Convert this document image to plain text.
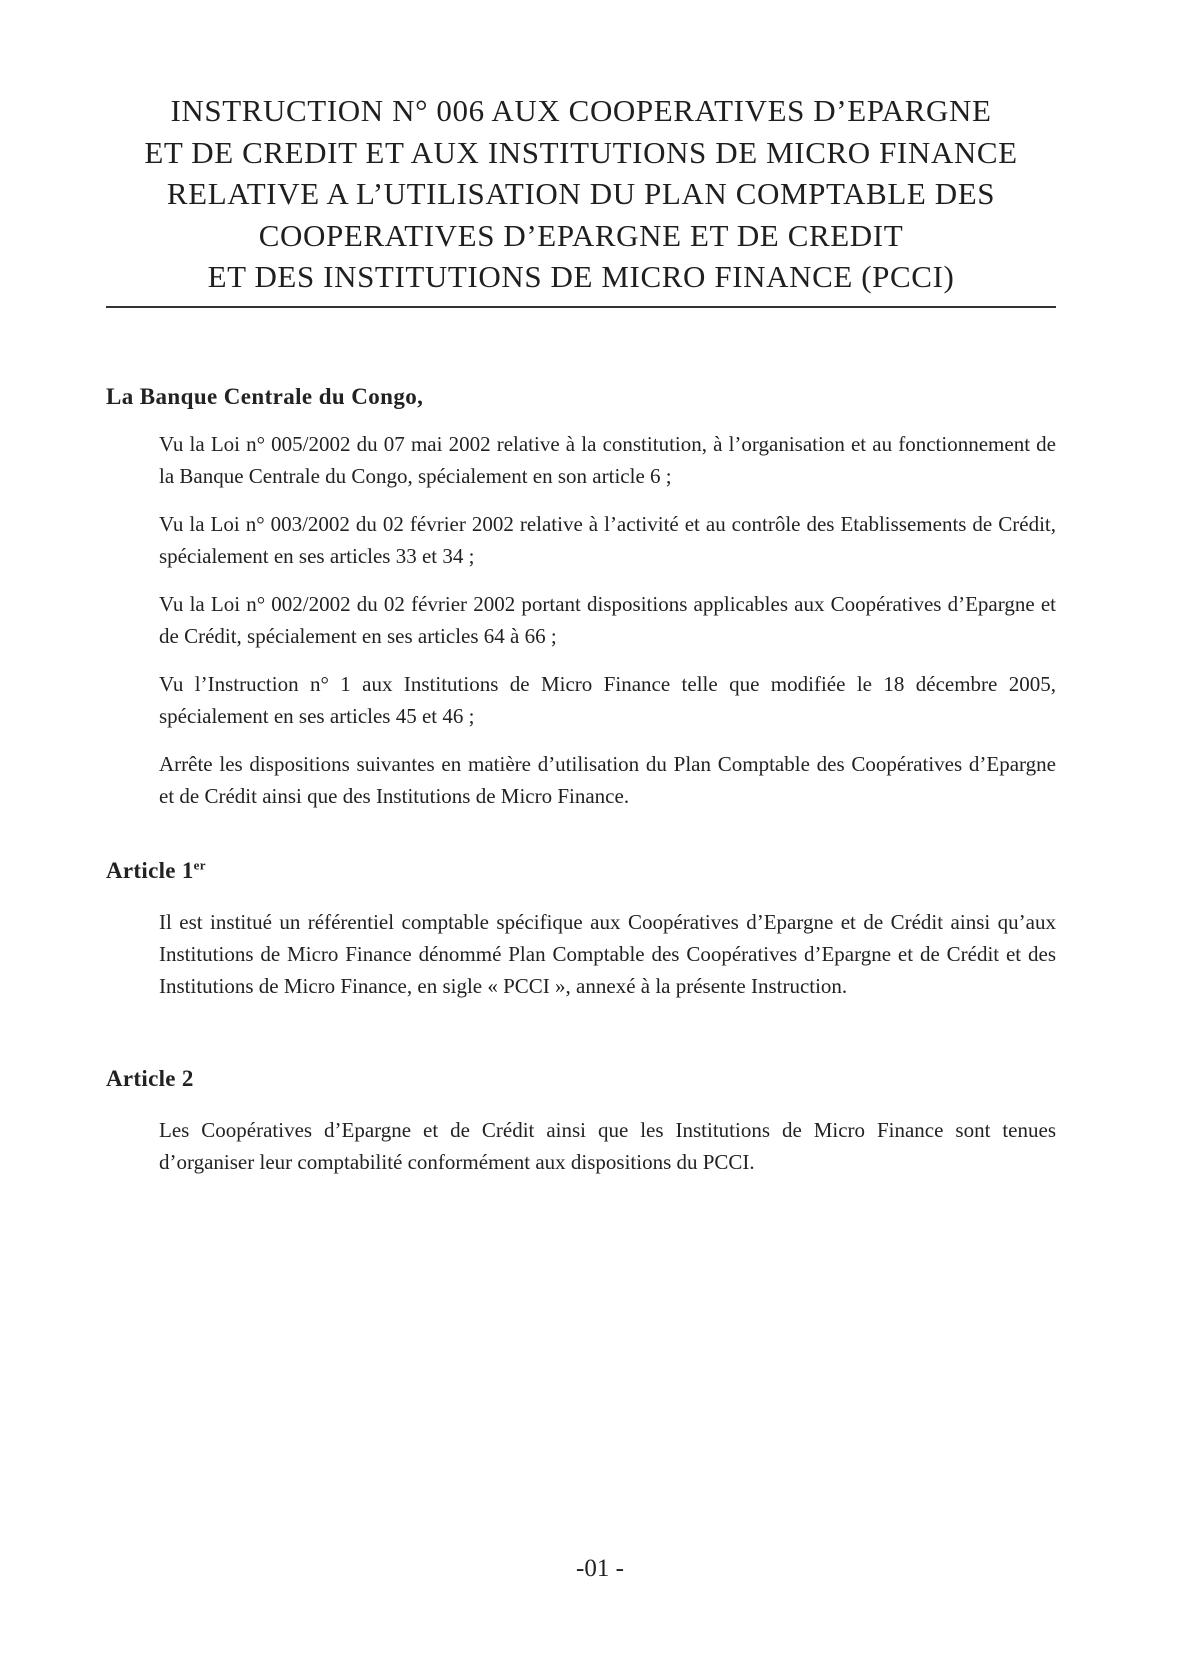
INSTRUCTION N° 006 AUX COOPERATIVES D’EPARGNE
ET DE CREDIT ET AUX INSTITUTIONS DE MICRO FINANCE
RELATIVE A L’UTILISATION DU PLAN COMPTABLE DES
COOPERATIVES D’EPARGNE ET DE CREDIT
ET DES INSTITUTIONS DE MICRO FINANCE (PCCI)

La Banque Centrale du Congo,

Vu la Loi n° 005/2002 du 07 mai 2002 relative à la constitution, à l’organisation et au fonctionnement de la Banque Centrale du Congo, spécialement en son article 6 ;

Vu la Loi n° 003/2002 du 02 février 2002 relative à l’activité et au contrôle des Etablissements de Crédit, spécialement en ses articles 33 et 34 ;

Vu la Loi n° 002/2002 du 02 février 2002 portant dispositions applicables aux Coopératives d’Epargne et de Crédit, spécialement en ses articles 64 à 66 ;

Vu l’Instruction n° 1 aux Institutions de Micro Finance telle que modifiée le 18 décembre 2005, spécialement en ses articles 45 et 46 ;

Arrête les dispositions suivantes en matière d’utilisation du Plan Comptable des Coopératives d’Epargne et de Crédit ainsi que des Institutions de Micro Finance.

Article 1er

Il est institué un référentiel comptable spécifique aux Coopératives d’Epargne et de Crédit ainsi qu’aux Institutions de Micro Finance dénommé Plan Comptable des Coopératives d’Epargne et de Crédit et des Institutions de Micro Finance, en sigle « PCCI », annexé à la présente Instruction.

Article 2

Les Coopératives d’Epargne et de Crédit ainsi que les Institutions de Micro Finance sont tenues d’organiser leur comptabilité conformément aux dispositions du PCCI.

-01 -
